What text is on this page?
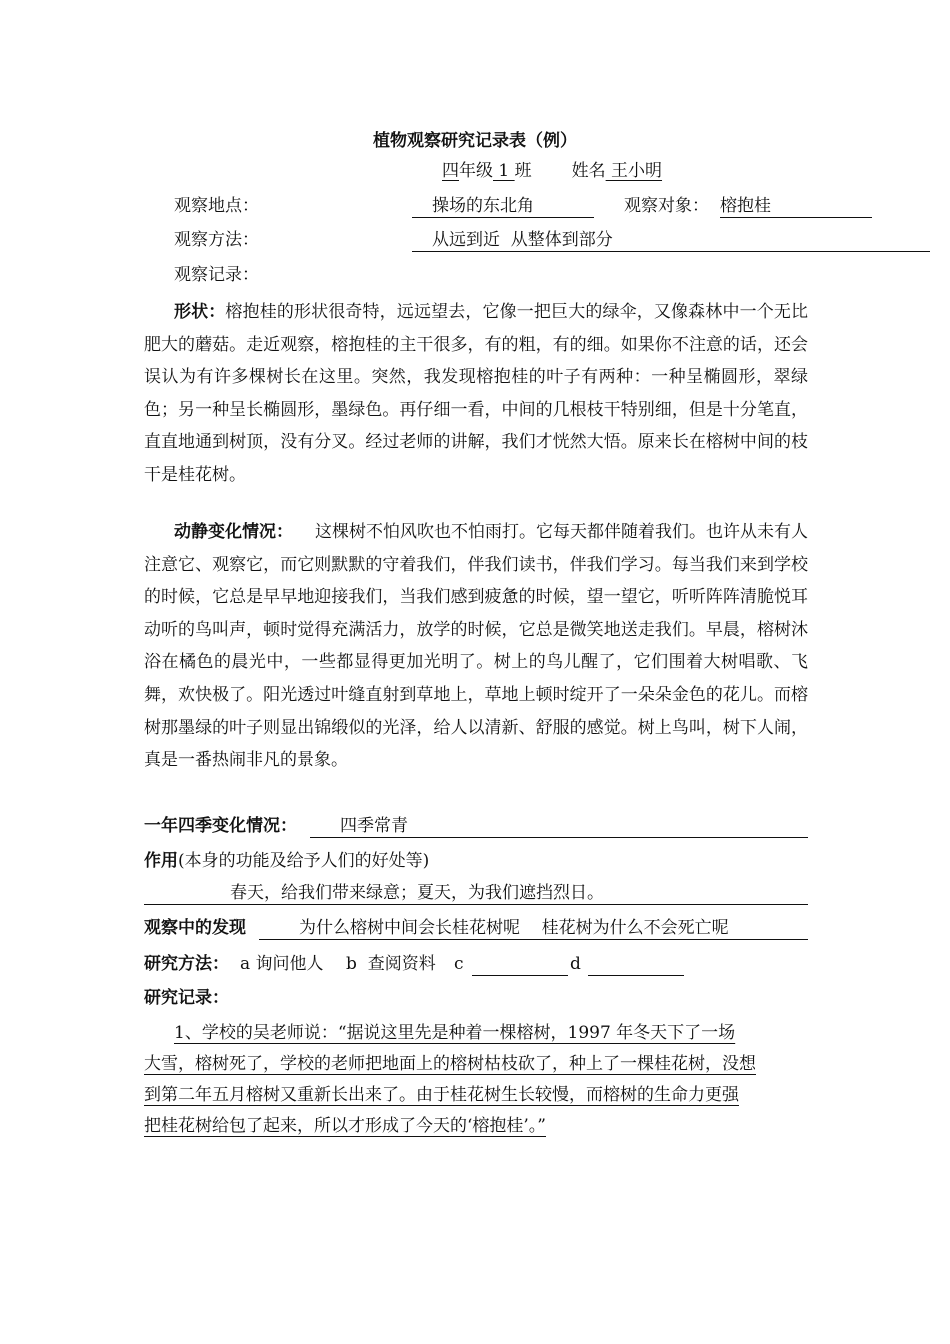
植物观察研究记录表（例）
四年级 1 班 姓名 王小明
观察地点：	操场的东北角	观察对象： 榕抱桂
观察方法：	从远到近  从整体到部分
观察记录：

形状：榕抱桂的形状很奇特，远远望去，它像一把巨大的绿伞，又像森林中一个无比肥大的蘑菇。走近观察，榕抱桂的主干很多，有的粗，有的细。如果你不注意的话，还会误认为有许多棵树长在这里。突然，我发现榕抱桂的叶子有两种：一种呈椭圆形，翠绿色；另一种呈长椭圆形，墨绿色。再仔细一看，中间的几根枝干特别细，但是十分笔直，直直地通到树顶，没有分叉。经过老师的讲解，我们才恍然大悟。原来长在榕树中间的枝干是桂花树。

动静变化情况： 这棵树不怕风吹也不怕雨打。它每天都伴随着我们。也许从未有人注意它、观察它，而它则默默的守着我们，伴我们读书，伴我们学习。每当我们来到学校的时候，它总是早早地迎接我们，当我们感到疲惫的时候，望一望它，听听阵阵清脆悦耳动听的鸟叫声，顿时觉得充满活力，放学的时候，它总是微笑地送走我们。早晨，榕树沐浴在橘色的晨光中，一些都显得更加光明了。树上的鸟儿醒了，它们围着大树唱歌、飞舞，欢快极了。阳光透过叶缝直射到草地上，草地上顿时绽开了一朵朵金色的花儿。而榕树那墨绿的叶子则显出锦缎似的光泽，给人以清新、舒服的感觉。树上鸟叫，树下人闹，真是一番热闹非凡的景象。

一年四季变化情况：	四季常青
作用(本身的功能及给予人们的好处等)
春天，给我们带来绿意；夏天，为我们遮挡烈日。
观察中的发现	为什么榕树中间会长桂花树呢    桂花树为什么不会死亡呢
研究方法： a 询问他人 b  查阅资料 c	d
研究记录：

1、学校的吴老师说：“据说这里先是种着一棵榕树，1997 年冬天下了一场

大雪，榕树死了，学校的老师把地面上的榕树枯枝砍了，种上了一棵桂花树，没想

到第二年五月榕树又重新长出来了。由于桂花树生长较慢，而榕树的生命力更强

把桂花树给包了起来，所以才形成了今天的‘榕抱桂’。”
